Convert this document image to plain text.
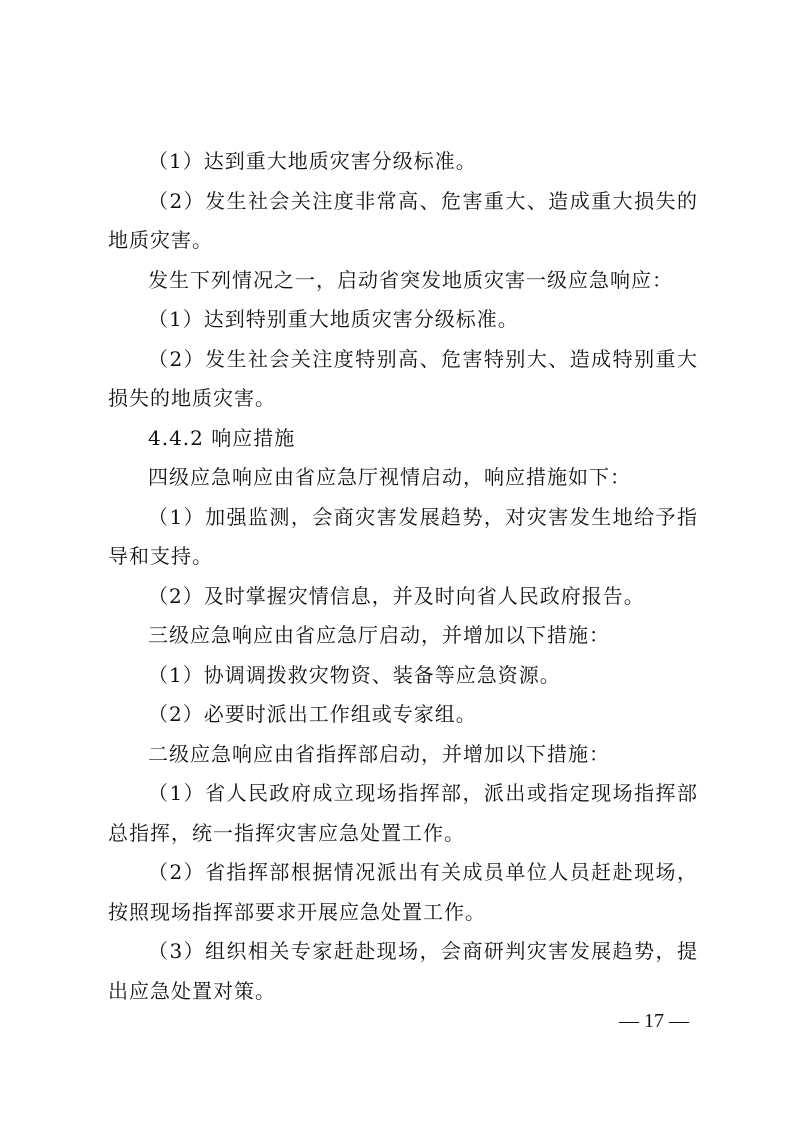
（1）达到重大地质灾害分级标准。

（2）发生社会关注度非常高、危害重大、造成重大损失的地质灾害。

发生下列情况之一，启动省突发地质灾害一级应急响应：

（1）达到特别重大地质灾害分级标准。

（2）发生社会关注度特别高、危害特别大、造成特别重大损失的地质灾害。

4.4.2 响应措施

四级应急响应由省应急厅视情启动，响应措施如下：

（1）加强监测，会商灾害发展趋势，对灾害发生地给予指导和支持。

（2）及时掌握灾情信息，并及时向省人民政府报告。

三级应急响应由省应急厅启动，并增加以下措施：

（1）协调调拨救灾物资、装备等应急资源。

（2）必要时派出工作组或专家组。

二级应急响应由省指挥部启动，并增加以下措施：

（1）省人民政府成立现场指挥部，派出或指定现场指挥部总指挥，统一指挥灾害应急处置工作。

（2）省指挥部根据情况派出有关成员单位人员赶赴现场，按照现场指挥部要求开展应急处置工作。

（3）组织相关专家赶赴现场，会商研判灾害发展趋势，提出应急处置对策。

— 17 —
